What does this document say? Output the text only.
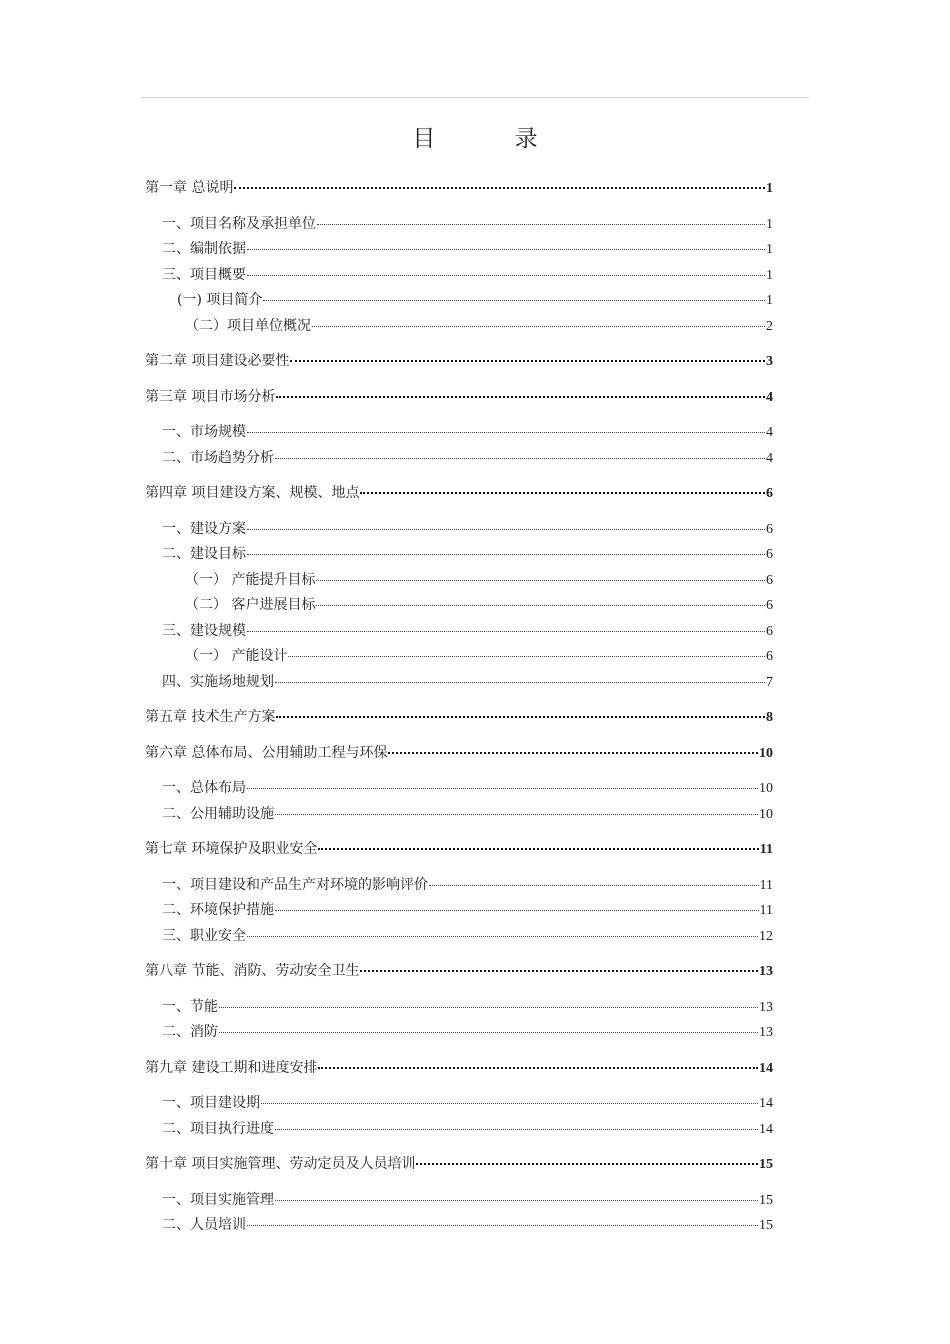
目 录
第一章 总说明	1
一、项目名称及承担单位	1
二、编制依据	1
三、项目概要	1
(一) 项目简介	1
（二）项目单位概况	2
第二章 项目建设必要性	3
第三章 项目市场分析	4
一、市场规模	4
二、市场趋势分析	4
第四章 项目建设方案、规模、地点	6
一、建设方案	6
二、建设目标	6
（一） 产能提升目标	6
（二） 客户进展目标	6
三、建设规模	6
（一） 产能设计	6
四、实施场地规划	7
第五章 技术生产方案	8
第六章 总体布局、公用辅助工程与环保	10
一、总体布局	10
二、公用辅助设施	10
第七章 环境保护及职业安全	11
一、项目建设和产品生产对环境的影响评价	11
二、环境保护措施	11
三、职业安全	12
第八章 节能、消防、劳动安全卫生	13
一、节能	13
二、消防	13
第九章 建设工期和进度安排	14
一、项目建设期	14
二、项目执行进度	14
第十章 项目实施管理、劳动定员及人员培训	15
一、项目实施管理	15
二、人员培训	15
